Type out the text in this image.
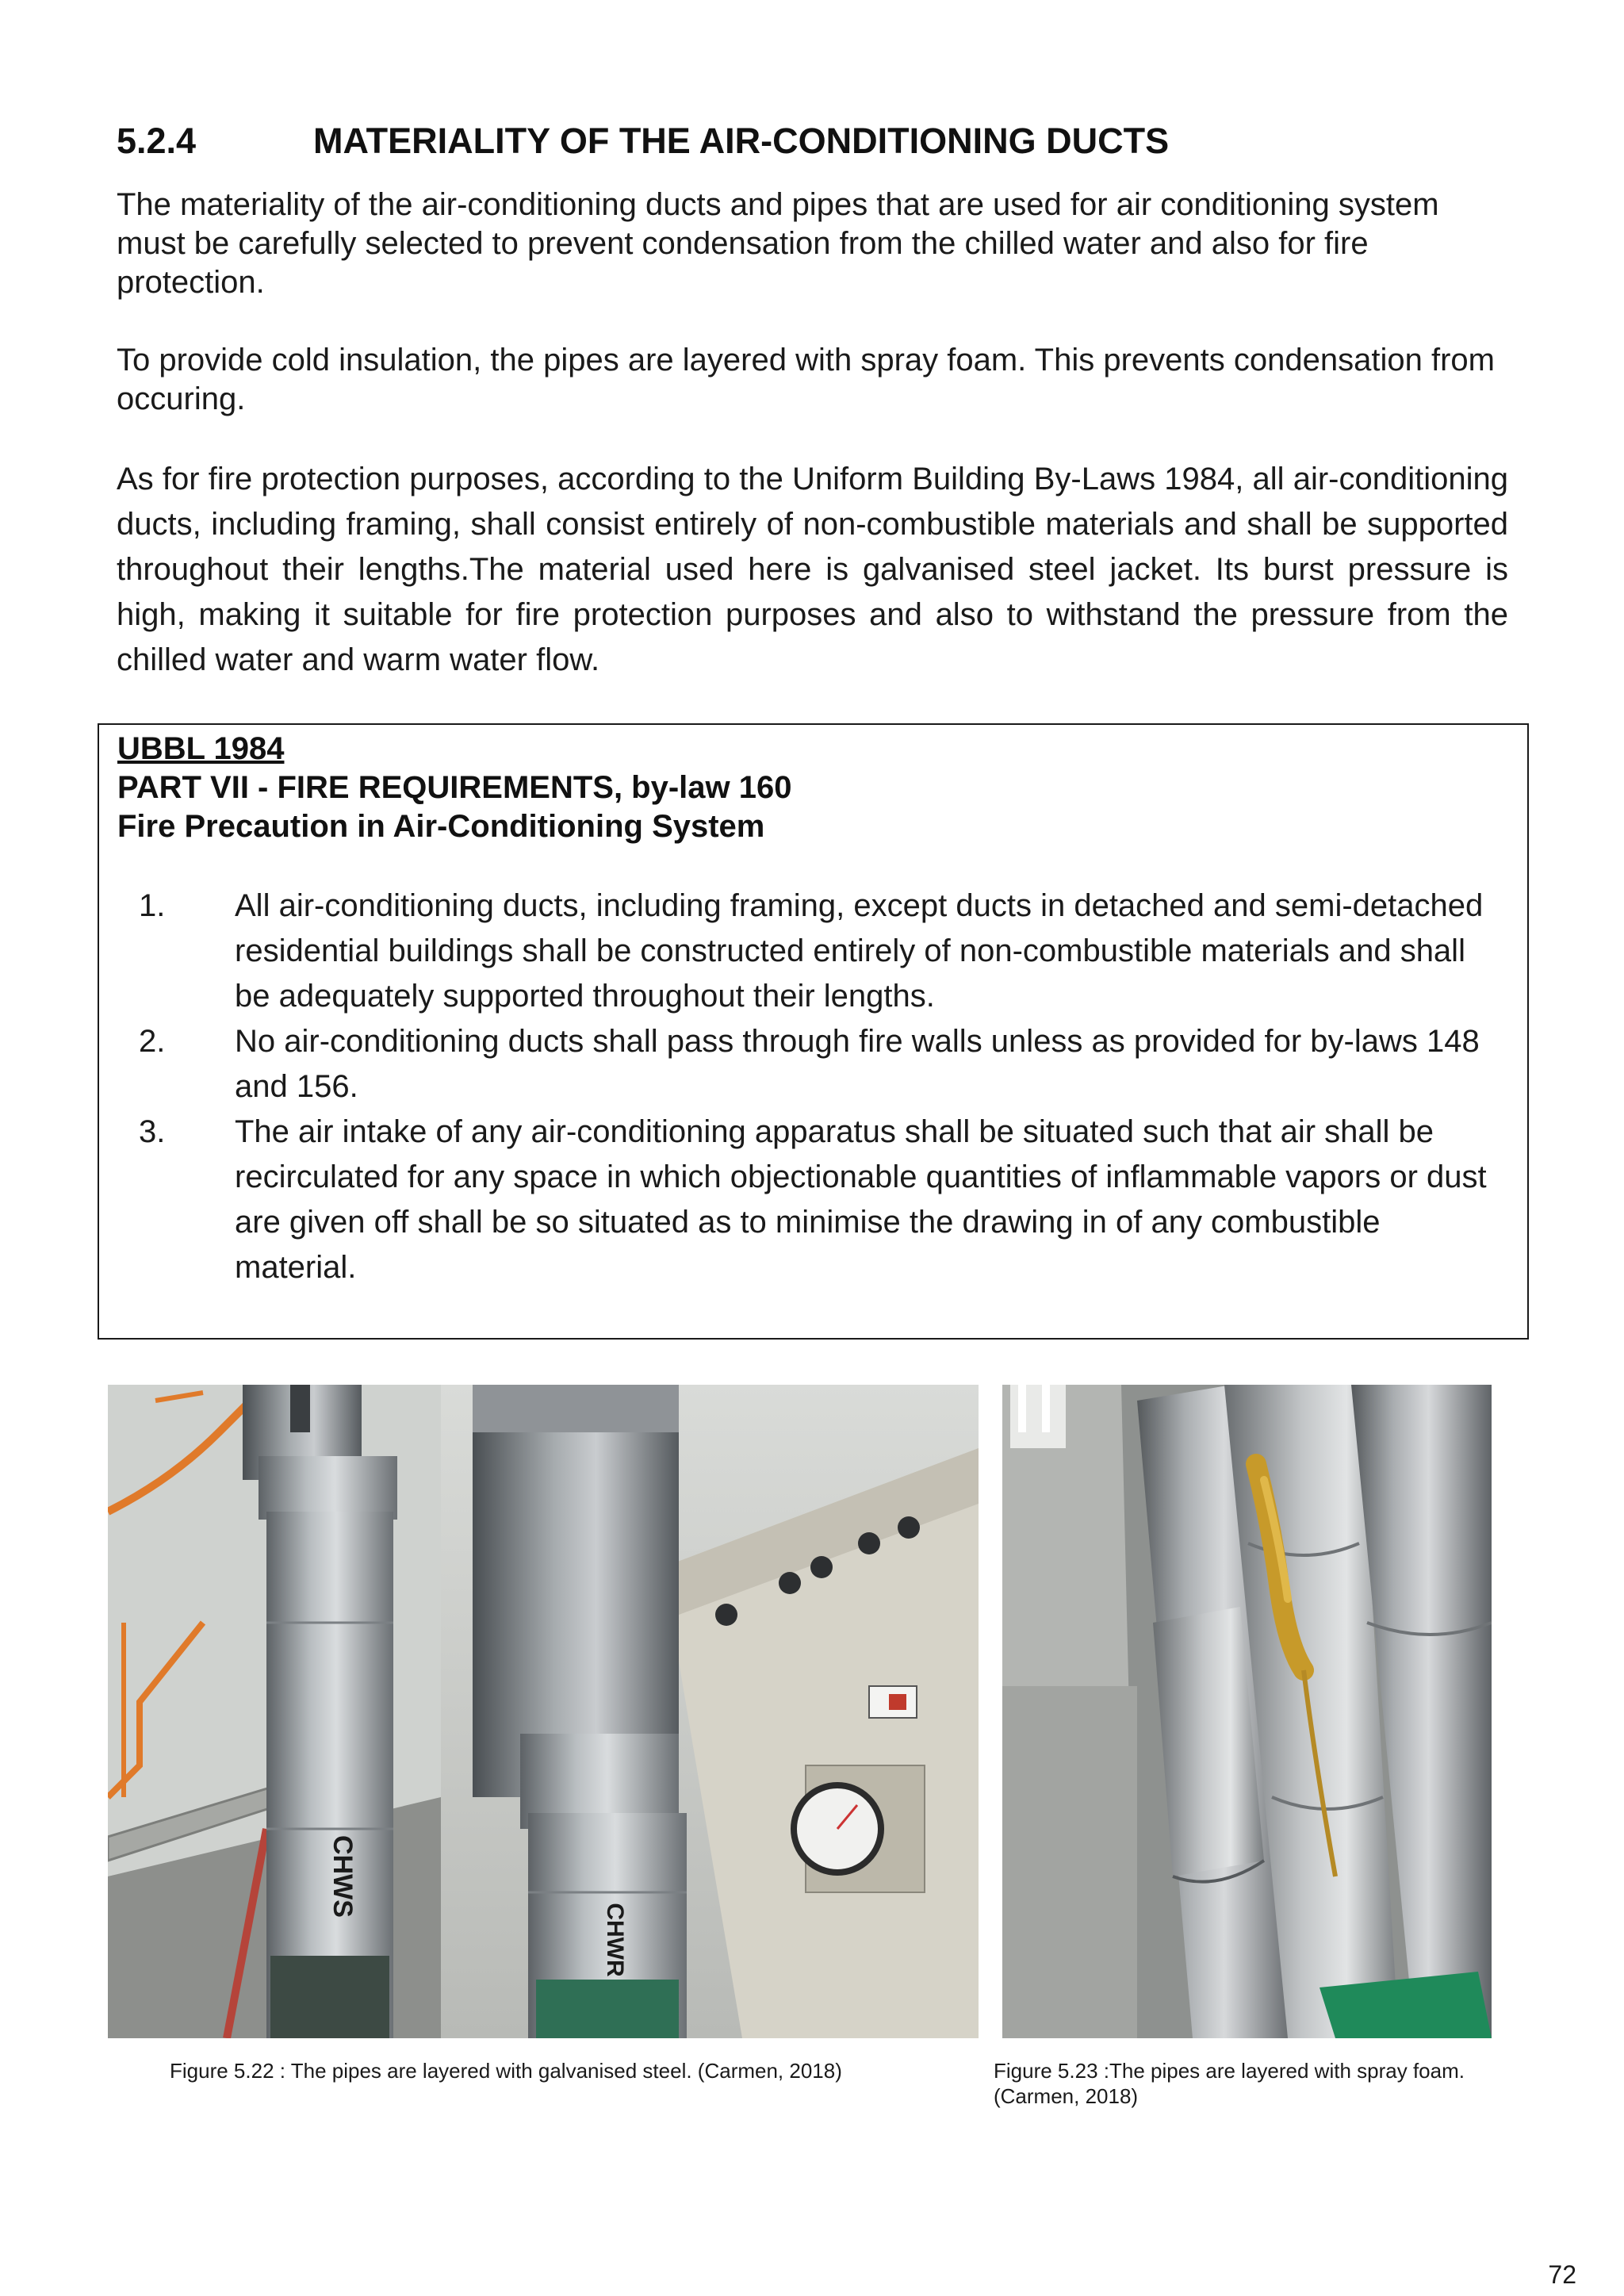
5.2.4	MATERIALITY OF THE AIR-CONDITIONING DUCTS

The materiality of the air-conditioning ducts and pipes that are used for air conditioning system must be carefully selected to prevent condensation from the chilled water and also for fire protection.

To provide cold insulation, the pipes are layered with spray foam. This prevents condensation from occuring.

As for fire protection purposes, according to the Uniform Building By-Laws 1984, all air-conditioning ducts, including framing, shall consist entirely of non-combustible materials and shall be supported throughout their lengths.The material used here is galvanised steel jacket. Its burst pressure is high, making it suitable for fire protection purposes and also to withstand the pressure from the chilled water and warm water flow.

UBBL 1984
PART VII - FIRE REQUIREMENTS, by-law 160
Fire Precaution in Air-Conditioning System
1. All air-conditioning ducts, including framing, except ducts in detached and semi-detached residential buildings shall be constructed entirely of non-combustible materials and shall be adequately supported throughout their lengths.
2. No air-conditioning ducts shall pass through fire walls unless as provided for by-laws 148 and 156.
3. The air intake of any air-conditioning apparatus shall be situated such that air shall be recirculated for any space in which objectionable quantities of inflammable vapors or dust are given off shall be so situated as to minimise the drawing in of any combustible material.
CHWS
CHWR
Figure 5.22 : The pipes are layered with galvanised steel. (Carmen, 2018)	Figure 5.23 :The pipes are layered with spray foam. (Carmen, 2018)
72
